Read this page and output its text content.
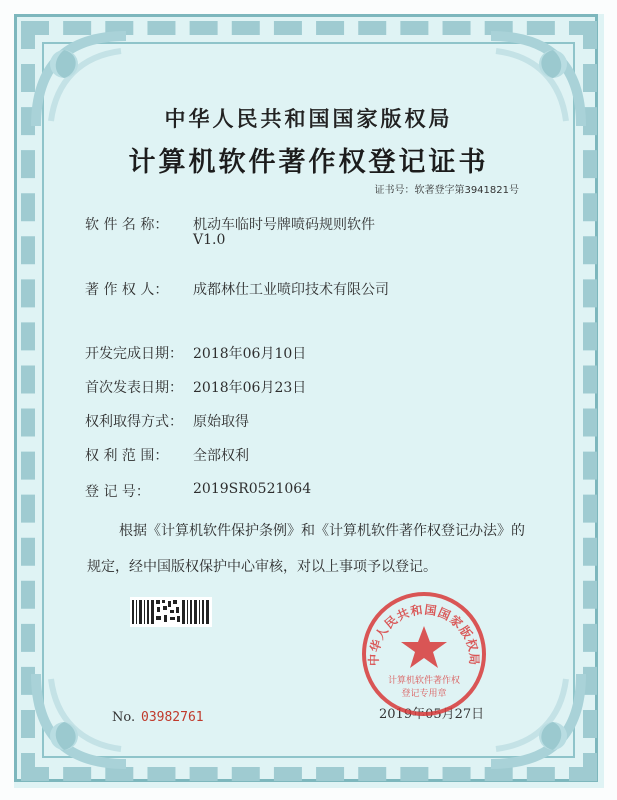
中华人民共和国国家版权局
计算机软件著作权登记证书
证书号：软著登字第3941821号
软 件 名 称： 机动车临时号牌喷码规则软件
V1.0
著 作 权 人： 成都林仕工业喷印技术有限公司
开发完成日期： 2018年06月10日
首次发表日期： 2018年06月23日
权利取得方式： 原始取得
权 利 范 围： 全部权利
登 记 号：	2019SR0521064
根据《计算机软件保护条例》和《计算机软件著作权登记办法》的
规定，经中国版权保护中心审核，对以上事项予以登记。
No. 03982761	2019年05月27日
中华人民共和国国家版权局
计算机软件著作权
登记专用章
